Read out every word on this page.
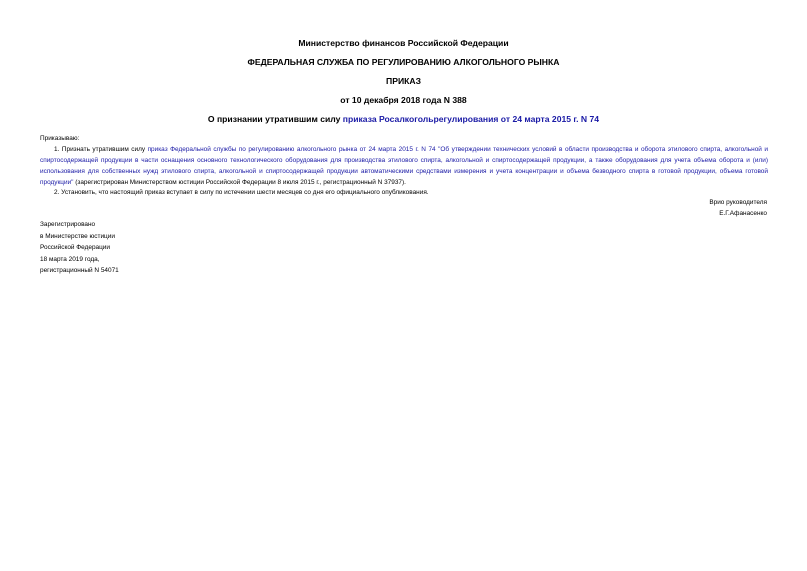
Министерство финансов Российской Федерации
ФЕДЕРАЛЬНАЯ СЛУЖБА ПО РЕГУЛИРОВАНИЮ АЛКОГОЛЬНОГО РЫНКА
ПРИКАЗ
от 10 декабря 2018 года N 388
О признании утратившим силу приказа Росалкогольрегулирования от 24 марта 2015 г. N 74
Приказываю:
1. Признать утратившим силу приказ Федеральной службы по регулированию алкогольного рынка от 24 марта 2015 г. N 74 "Об утверждении технических условий в области производства и оборота этилового спирта, алкогольной и спиртосодержащей продукции в части оснащения основного технологического оборудования для производства этилового спирта, алкогольной и спиртосодержащей продукции, а также оборудования для учета объема оборота и (или) использования для собственных нужд этилового спирта, алкогольной и спиртосодержащей продукции автоматическими средствами измерения и учета концентрации и объема безводного спирта в готовой продукции, объема готовой продукции" (зарегистрирован Министерством юстиции Российской Федерации 8 июля 2015 г., регистрационный N 37937).
2. Установить, что настоящий приказ вступает в силу по истечении шести месяцев со дня его официального опубликования.
Врио руководителя
Е.Г.Афанасенко
Зарегистрировано
в Министерстве юстиции
Российской Федерации
18 марта 2019 года,
регистрационный N 54071
